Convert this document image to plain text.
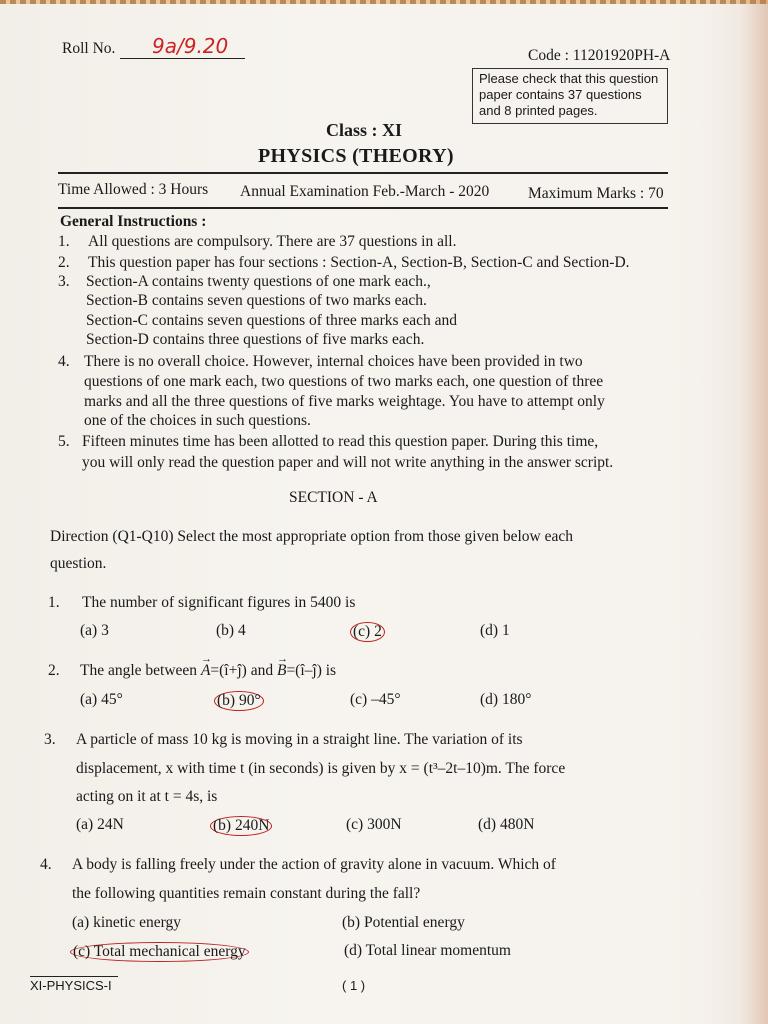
Roll No. 9a/9.20	Code : 11201920PH-A
Please check that this question paper contains 37 questions and 8 printed pages.
Class : XI
PHYSICS (THEORY)
Time Allowed : 3 Hours Annual Examination Feb.-March - 2020	Maximum Marks : 70
General Instructions :
1. All questions are compulsory. There are 37 questions in all.
2. This question paper has four sections : Section-A, Section-B, Section-C and Section-D.
3. Section-A contains twenty questions of one mark each.,
Section-B contains seven questions of two marks each.
Section-C contains seven questions of three marks each and
Section-D contains three questions of five marks each.
4. There is no overall choice. However, internal choices have been provided in two
questions of one mark each, two questions of two marks each, one question of three
marks and all the three questions of five marks weightage. You have to attempt only
one of the choices in such questions.
5. Fifteen minutes time has been allotted to read this question paper. During this time,
you will only read the question paper and will not write anything in the answer script.
SECTION - A
Direction (Q1-Q10) Select the most appropriate option from those given below each
question.
1. The number of significant figures in 5400 is
(a) 3	(b) 4	(c) 2	(d) 1
2. The angle between
→
A=(î+ĵ) and
→
B=(î–ĵ) is
(a) 45°	(b) 90°	(c) –45°	(d) 180°
3. A particle of mass 10 kg is moving in a straight line. The variation of its
displacement, x with time t (in seconds) is given by x = (t³–2t–10)m. The force
acting on it at t = 4s, is
(a) 24N	(b) 240N	(c) 300N	(d) 480N
4. A body is falling freely under the action of gravity alone in vacuum. Which of
the following quantities remain constant during the fall?
(a) kinetic energy	(b) Potential energy
(c) Total mechanical energy	(d) Total linear momentum
XI-PHYSICS-I	( 1 )
